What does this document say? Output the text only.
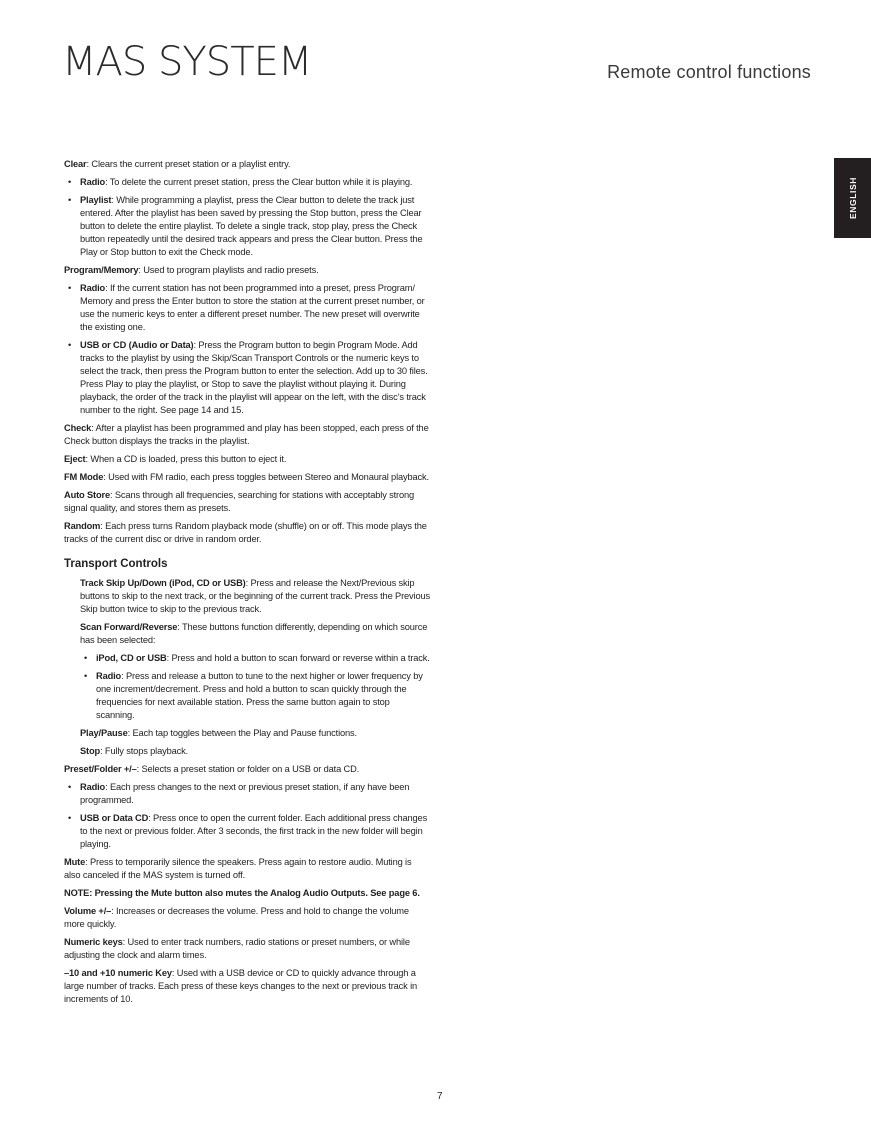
MAS SYSTEM	Remote control functions
ENGLISH

Clear: Clears the current preset station or a playlist entry.

• Radio: To delete the current preset station, press the Clear button while it is playing.
• Playlist: While programming a playlist, press the Clear button to delete the track just entered. After the playlist has been saved by pressing the Stop button, press the Clear button to delete the entire playlist. To delete a single track, stop play, press the Check button repeatedly until the desired track appears and press the Clear button. Press the Play or Stop button to exit the Check mode.

Program/Memory: Used to program playlists and radio presets.

• Radio: If the current station has not been programmed into a preset, press Program/ Memory and press the Enter button to store the station at the current preset number, or use the numeric keys to enter a different preset number. The new preset will overwrite the existing one.
• USB or CD (Audio or Data): Press the Program button to begin Program Mode. Add tracks to the playlist by using the Skip/Scan Transport Controls or the numeric keys to select the track, then press the Program button to enter the selection. Add up to 30 files. Press Play to play the playlist, or Stop to save the playlist without playing it. During playback, the order of the track in the playlist will appear on the left, with the disc’s track number to the right. See page 14 and 15.

Check: After a playlist has been programmed and play has been stopped, each press of the Check button displays the tracks in the playlist.

Eject: When a CD is loaded, press this button to eject it.

FM Mode: Used with FM radio, each press toggles between Stereo and Monaural playback.

Auto Store: Scans through all frequencies, searching for stations with acceptably strong signal quality, and stores them as presets.

Random: Each press turns Random playback mode (shuffle) on or off. This mode plays the tracks of the current disc or drive in random order.

Transport Controls

Track Skip Up/Down (iPod, CD or USB): Press and release the Next/Previous skip buttons to skip to the next track, or the beginning of the current track. Press the Previous Skip button twice to skip to the previous track.

Scan Forward/Reverse: These buttons function differently, depending on which source has been selected:

• iPod, CD or USB: Press and hold a button to scan forward or reverse within a track.
• Radio: Press and release a button to tune to the next higher or lower frequency by one increment/decrement. Press and hold a button to scan quickly through the frequencies for next available station. Press the same button again to stop scanning.

Play/Pause: Each tap toggles between the Play and Pause functions.

Stop: Fully stops playback.

Preset/Folder +/–: Selects a preset station or folder on a USB or data CD.

• Radio: Each press changes to the next or previous preset station, if any have been programmed.
• USB or Data CD: Press once to open the current folder. Each additional press changes to the next or previous folder. After 3 seconds, the first track in the new folder will begin playing.

Mute: Press to temporarily silence the speakers. Press again to restore audio. Muting is also canceled if the MAS system is turned off.

NOTE: Pressing the Mute button also mutes the Analog Audio Outputs. See page 6.

Volume +/–: Increases or decreases the volume. Press and hold to change the volume more quickly.

Numeric keys: Used to enter track numbers, radio stations or preset numbers, or while adjusting the clock and alarm times.

–10 and +10 numeric Key: Used with a USB device or CD to quickly advance through a large number of tracks. Each press of these keys changes to the next or previous track in increments of 10.

7
